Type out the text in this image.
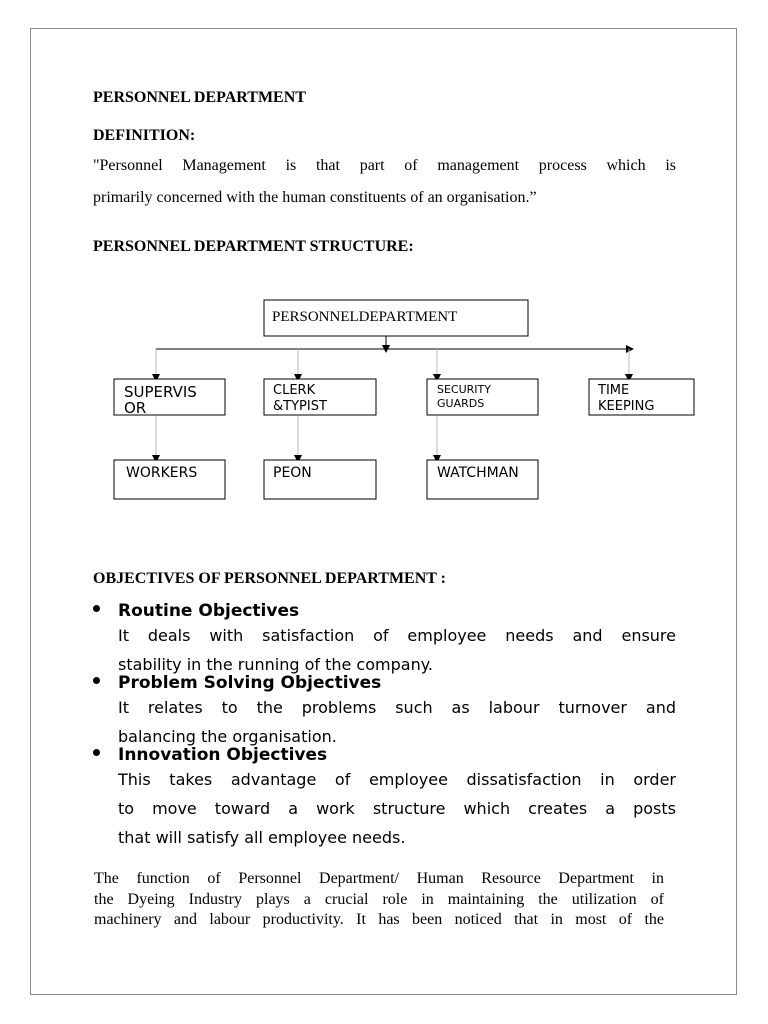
PERSONNEL DEPARTMENT
DEFINITION:
"Personnel Management is that part of management process which is
primarily concerned with the human constituents of an organisation.”
PERSONNEL DEPARTMENT STRUCTURE:
PERSONNELDEPARTMENT
SUPERVIS
OR
CLERK
&TYPIST
SECURITY
GUARDS
TIME
KEEPING
WORKERS	PEON	WATCHMAN
OBJECTIVES OF PERSONNEL DEPARTMENT :
Routine Objectives
It deals with satisfaction of employee needs and ensure
stability in the running of the company.
Problem Solving Objectives
It relates to the problems such as labour turnover and
balancing the organisation.
Innovation Objectives
This takes advantage of employee dissatisfaction in order
to move toward a work structure which creates a posts
that will satisfy all employee needs.
The function of Personnel Department/ Human Resource Department in
the Dyeing Industry plays a crucial role in maintaining the utilization of
machinery and labour productivity. It has been noticed that in most of the
